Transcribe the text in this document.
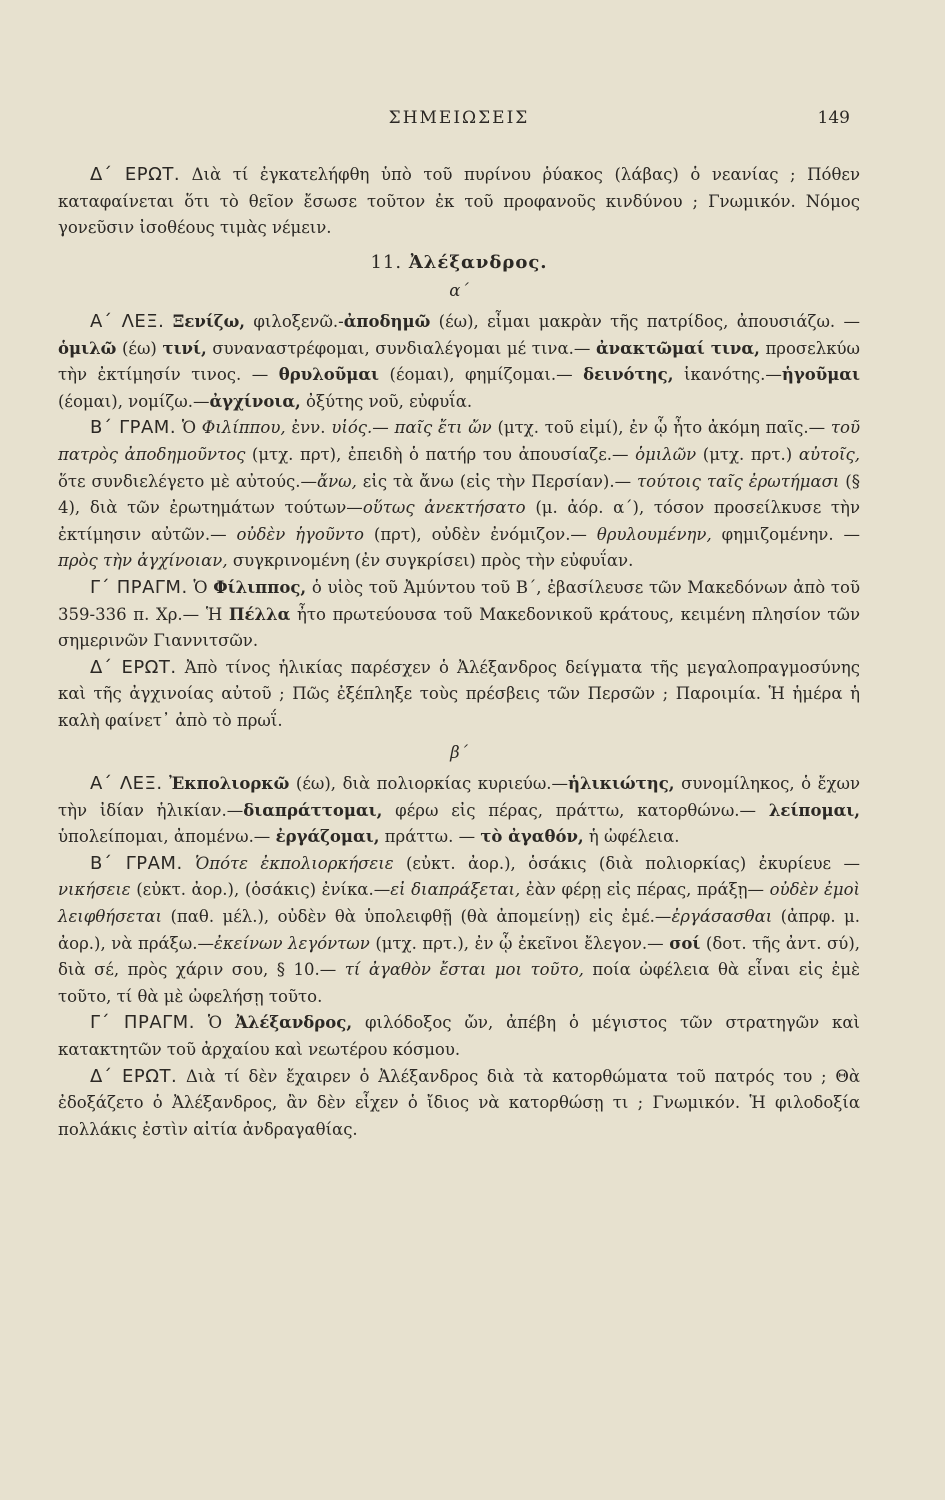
ΣΗΜΕΙΩΣΕΙΣ	149

Δ΄ ΕΡΩΤ. Διὰ τί ἐγκατελήφθη ὑπὸ τοῦ πυρίνου ῥύακος (λάβας) ὁ νεανίας ; Πόθεν καταφαίνεται ὅτι τὸ θεῖον ἔσωσε τοῦτον ἐκ τοῦ προφανοῦς κινδύνου ; Γνωμικόν. Νόμος γονεῦσιν ἰσοθέους τιμὰς νέμειν.

11. Ἀλέξανδρος.

α΄

Α΄ ΛΕΞ. Ξενίζω, φιλοξενῶ.-ἀποδημῶ (έω), εἶμαι μακρὰν τῆς πατρίδος, ἀπουσιάζω. — ὁμιλῶ (έω) τινί, συναναστρέφομαι, συνδιαλέγομαι μέ τινα.— ἀνακτῶμαί τινα, προσελκύω τὴν ἐκτίμησίν τινος. — θρυλοῦμαι (έομαι), φημίζομαι.— δεινότης, ἱκανότης.—ἡγοῦμαι (έομαι), νομίζω.—ἀγχίνοια, ὀξύτης νοῦ, εὐφυΐα.

Β΄ ΓΡΑΜ. Ὁ Φιλίππου, ἐνν. υἱός.— παῖς ἔτι ὤν (μτχ. τοῦ εἰμί), ἐν ᾧ ἦτο ἀκόμη παῖς.— τοῦ πατρὸς ἀποδημοῦντος (μτχ. πρτ), ἐπειδὴ ὁ πατήρ του ἀπουσίαζε.— ὁμιλῶν (μτχ. πρτ.) αὐτοῖς, ὅτε συνδιελέγετο μὲ αὐτούς.—ἄνω, εἰς τὰ ἄνω (εἰς τὴν Περσίαν).— τούτοις ταῖς ἐρωτήμασι (§ 4), διὰ τῶν ἐρωτημάτων τούτων—οὕτως ἀνεκτήσατο (μ. ἀόρ. α΄), τόσον προσείλκυσε τὴν ἐκτίμησιν αὐτῶν.— οὐδὲν ἡγοῦντο (πρτ), οὐδὲν ἐνόμιζον.— θρυλουμένην, φημιζομένην. — πρὸς τὴν ἀγχίνοιαν, συγκρινομένη (ἐν συγκρίσει) πρὸς τὴν εὐφυΐαν.

Γ΄ ΠΡΑΓΜ. Ὁ Φίλιππος, ὁ υἱὸς τοῦ Ἀμύντου τοῦ Β΄, ἐβασίλευσε τῶν Μακεδόνων ἀπὸ τοῦ 359-336 π. Χρ.— Ἡ Πέλλα ἦτο πρωτεύουσα τοῦ Μακεδονικοῦ κράτους, κειμένη πλησίον τῶν σημερινῶν Γιαννιτσῶν.

Δ΄ ΕΡΩΤ. Ἀπὸ τίνος ἡλικίας παρέσχεν ὁ Ἀλέξανδρος δείγματα τῆς μεγαλοπραγμοσύνης καὶ τῆς ἀγχινοίας αὐτοῦ ; Πῶς ἐξέπληξε τοὺς πρέσβεις τῶν Περσῶν ; Παροιμία. Ἡ ἡμέρα ἡ καλὴ φαίνετ᾽ ἀπὸ τὸ πρωΐ.

β΄

Α΄ ΛΕΞ. Ἐκπολιορκῶ (έω), διὰ πολιορκίας κυριεύω.—ἡλικιώτης, συνομίληκος, ὁ ἔχων τὴν ἰδίαν ἡλικίαν.—διαπράττομαι, φέρω εἰς πέρας, πράττω, κατορθώνω.— λείπομαι, ὑπολείπομαι, ἀπομένω.— ἐργάζομαι, πράττω. — τὸ ἀγαθόν, ἡ ὠφέλεια.

Β΄ ΓΡΑΜ. Ὁπότε ἐκπολιορκήσειε (εὐκτ. ἀορ.), ὁσάκις (διὰ πολιορκίας) ἐκυρίευε — νικήσειε (εὐκτ. ἀορ.), (ὁσάκις) ἐνίκα.—εἰ διαπράξεται, ἐὰν φέρῃ εἰς πέρας, πράξῃ— οὐδὲν ἐμοὶ λειφθήσεται (παθ. μέλ.), οὐδὲν θὰ ὑπολειφθῇ (θὰ ἀπομείνῃ) εἰς ἐμέ.—ἐργάσασθαι (ἀπρφ. μ. ἀορ.), νὰ πράξω.—ἐκείνων λεγόντων (μτχ. πρτ.), ἐν ᾧ ἐκεῖνοι ἔλεγον.— σοί (δοτ. τῆς ἀντ. σύ), διὰ σέ, πρὸς χάριν σου, § 10.— τί ἀγαθὸν ἔσται μοι τοῦτο, ποία ὠφέλεια θὰ εἶναι εἰς ἐμὲ τοῦτο, τί θὰ μὲ ὠφελήσῃ τοῦτο.

Γ΄ ΠΡΑΓΜ. Ὁ Ἀλέξανδρος, φιλόδοξος ὤν, ἀπέβη ὁ μέγιστος τῶν στρατηγῶν καὶ κατακτητῶν τοῦ ἀρχαίου καὶ νεωτέρου κόσμου.

Δ΄ ΕΡΩΤ. Διὰ τί δὲν ἔχαιρεν ὁ Ἀλέξανδρος διὰ τὰ κατορθώματα τοῦ πατρός του ; Θὰ ἐδοξάζετο ὁ Ἀλέξανδρος, ἂν δὲν εἶχεν ὁ ἴδιος νὰ κατορθώσῃ τι ; Γνωμικόν. Ἡ φιλοδοξία πολλάκις ἐστὶν αἰτία ἀνδραγαθίας.
